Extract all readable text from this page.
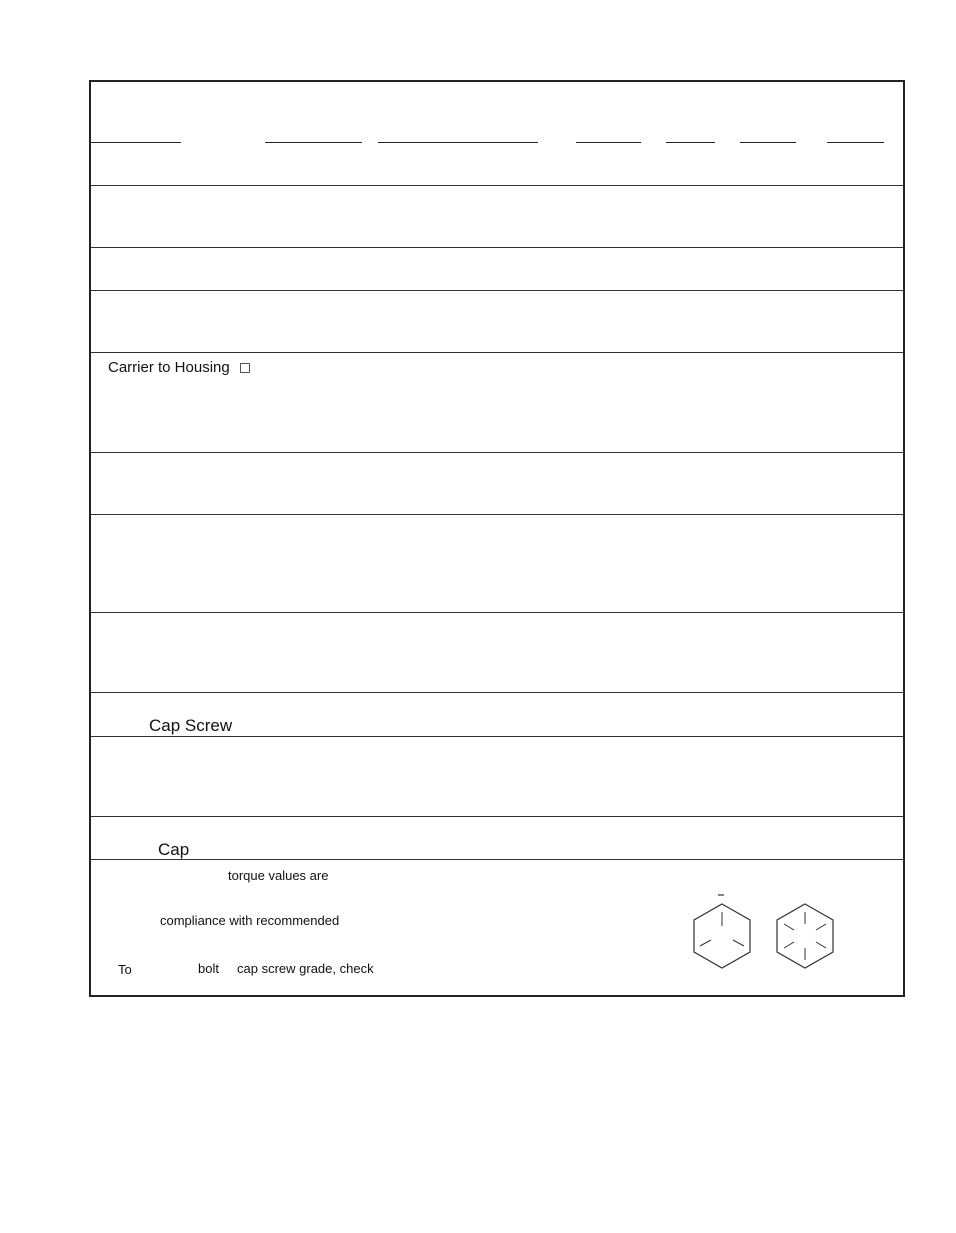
Carrier to Housing
Cap Screw
Cap
torque values are
compliance with recommended
To	bolt cap screw grade, check
